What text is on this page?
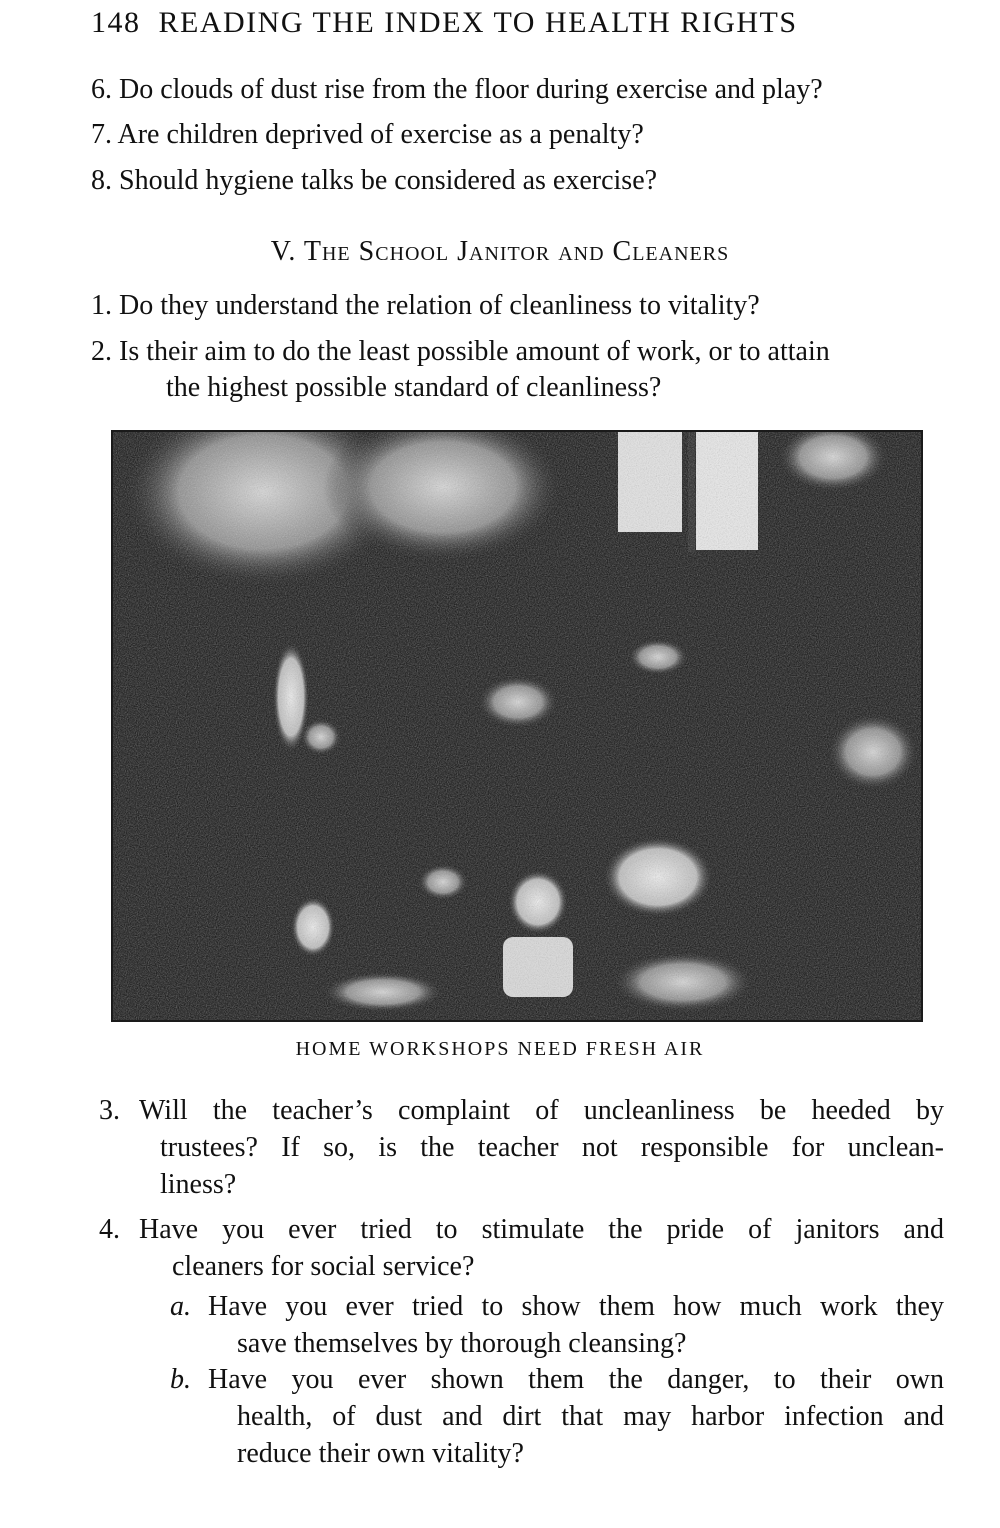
148 READING THE INDEX TO HEALTH RIGHTS
6. Do clouds of dust rise from the floor during exercise and play?
7. Are children deprived of exercise as a penalty?
8. Should hygiene talks be considered as exercise?
V. The School Janitor and Cleaners
1. Do they understand the relation of cleanliness to vitality?
2. Is their aim to do the least possible amount of work, or to attain
the highest possible standard of cleanliness?
HOME WORKSHOPS NEED FRESH AIR
3. Will the teacher’s complaint of uncleanliness be heeded by
trustees? If so, is the teacher not responsible for unclean-
liness?
4. Have you ever tried to stimulate the pride of janitors and
cleaners for social service?
a. Have you ever tried to show them how much work they
save themselves by thorough cleansing?
b. Have you ever shown them the danger, to their own
health, of dust and dirt that may harbor infection and
reduce their own vitality?
